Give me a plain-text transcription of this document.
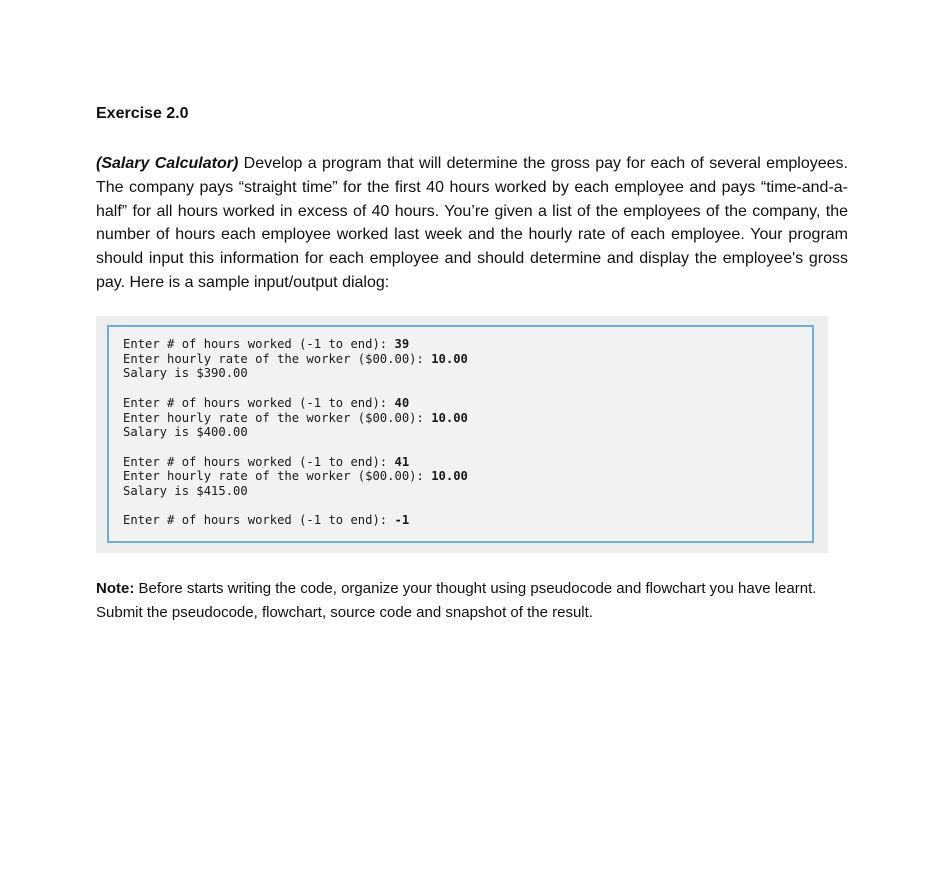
Exercise 2.0

(Salary Calculator) Develop a program that will determine the gross pay for each of several employees. The company pays “straight time” for the first 40 hours worked by each employee and pays “time-and-a-half” for all hours worked in excess of 40 hours. You’re given a list of the employees of the company, the number of hours each employee worked last week and the hourly rate of each employee. Your program should input this information for each employee and should determine and display the employee's gross pay. Here is a sample input/output dialog:

Enter # of hours worked (-1 to end): 39
Enter hourly rate of the worker ($00.00): 10.00
Salary is $390.00
Enter # of hours worked (-1 to end): 40
Enter hourly rate of the worker ($00.00): 10.00
Salary is $400.00
Enter # of hours worked (-1 to end): 41
Enter hourly rate of the worker ($00.00): 10.00
Salary is $415.00
Enter # of hours worked (-1 to end): -1

Note: Before starts writing the code, organize your thought using pseudocode and flowchart you have learnt. Submit the pseudocode, flowchart, source code and snapshot of the result.
